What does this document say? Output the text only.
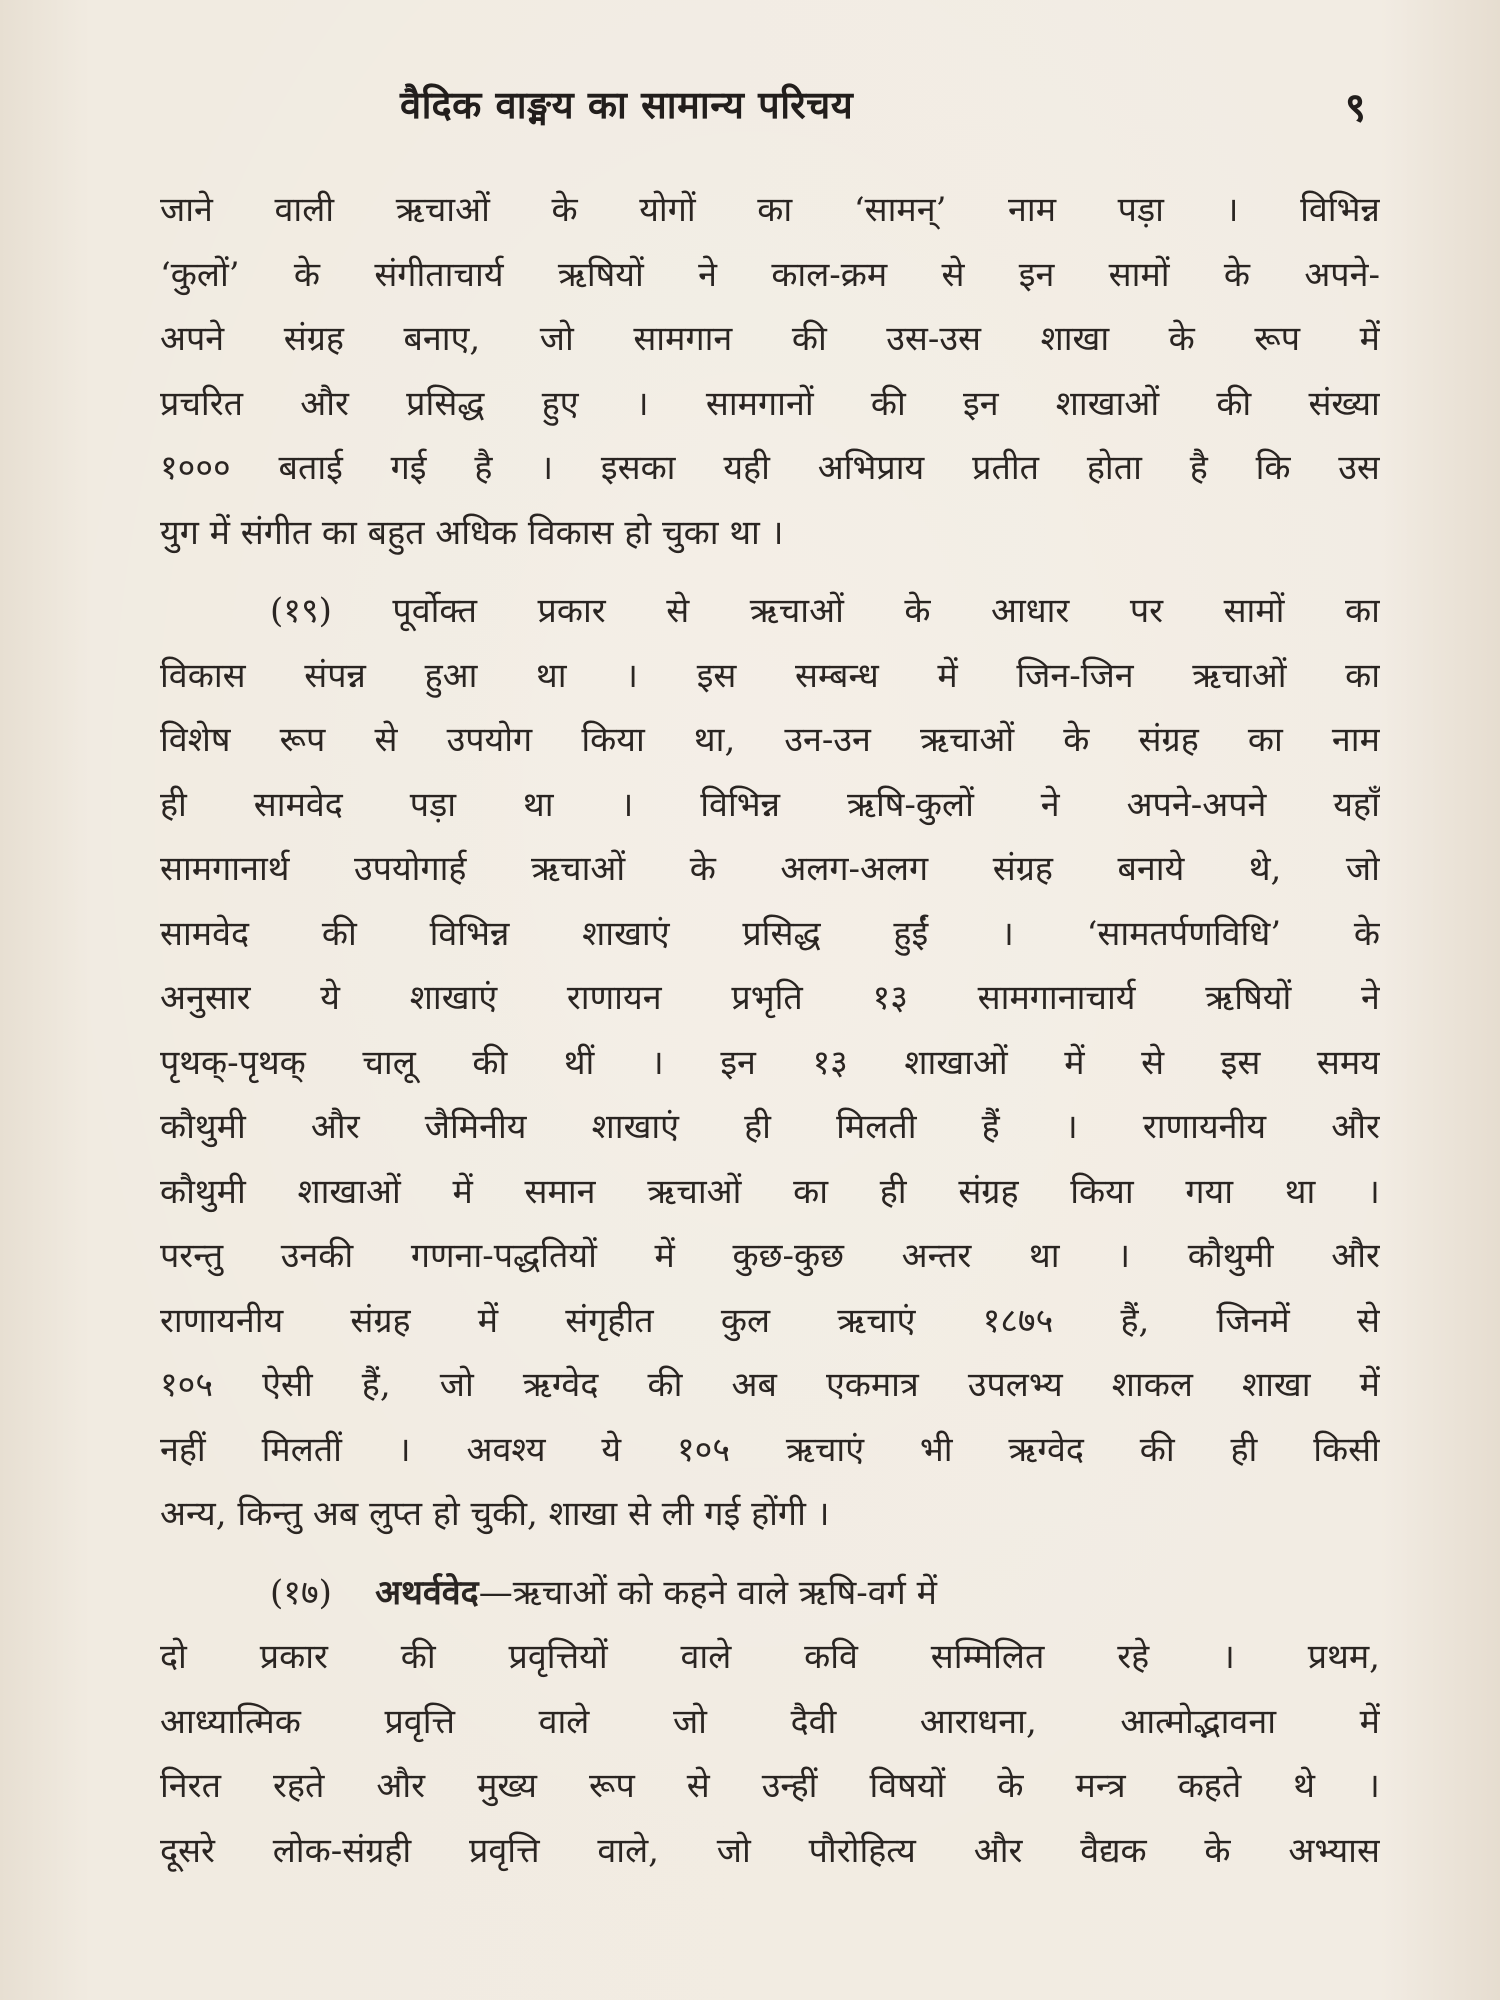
वैदिक वाङ्मय का सामान्य परिचय	९
जाने वाली ऋचाओं के योगों का ‘सामन्’ नाम पड़ा । विभिन्न
‘कुलों’ के संगीताचार्य ऋषियों ने काल-क्रम से इन सामों के अपने-
अपने संग्रह बनाए, जो सामगान की उस-उस शाखा के रूप में
प्रचरित और प्रसिद्ध हुए । सामगानों की इन शाखाओं की संख्या
१००० बताई गई है । इसका यही अभिप्राय प्रतीत होता है कि उस
युग में संगीत का बहुत अधिक विकास हो चुका था ।
(१९) पूर्वोक्त प्रकार से ऋचाओं के आधार पर सामों का
विकास संपन्न हुआ था । इस सम्बन्ध में जिन-जिन ऋचाओं का
विशेष रूप से उपयोग किया था, उन-उन ऋचाओं के संग्रह का नाम
ही सामवेद पड़ा था । विभिन्न ऋषि-कुलों ने अपने-अपने यहाँ
सामगानार्थ उपयोगार्ह ऋचाओं के अलग-अलग संग्रह बनाये थे, जो
सामवेद की विभिन्न शाखाएं प्रसिद्ध हुईं । ‘सामतर्पणविधि’ के
अनुसार ये शाखाएं राणायन प्रभृति १३ सामगानाचार्य ऋषियों ने
पृथक्-पृथक् चालू की थीं । इन १३ शाखाओं में से इस समय
कौथुमी और जैमिनीय शाखाएं ही मिलती हैं । राणायनीय और
कौथुमी शाखाओं में समान ऋचाओं का ही संग्रह किया गया था ।
परन्तु उनकी गणना-पद्धतियों में कुछ-कुछ अन्तर था । कौथुमी और
राणायनीय संग्रह में संगृहीत कुल ऋचाएं १८७५ हैं, जिनमें से
१०५ ऐसी हैं, जो ऋग्वेद की अब एकमात्र उपलभ्य शाकल शाखा में
नहीं मिलतीं । अवश्य ये १०५ ऋचाएं भी ऋग्वेद की ही किसी
अन्य, किन्तु अब लुप्त हो चुकी, शाखा से ली गई होंगी ।
(१७) अथर्ववेद—ऋचाओं को कहने वाले ऋषि-वर्ग में
दो प्रकार की प्रवृत्तियों वाले कवि सम्मिलित रहे । प्रथम,
आध्यात्मिक प्रवृत्ति वाले जो दैवी आराधना, आत्मोद्भावना में
निरत रहते और मुख्य रूप से उन्हीं विषयों के मन्त्र कहते थे ।
दूसरे लोक-संग्रही प्रवृत्ति वाले, जो पौरोहित्य और वैद्यक के अभ्यास
